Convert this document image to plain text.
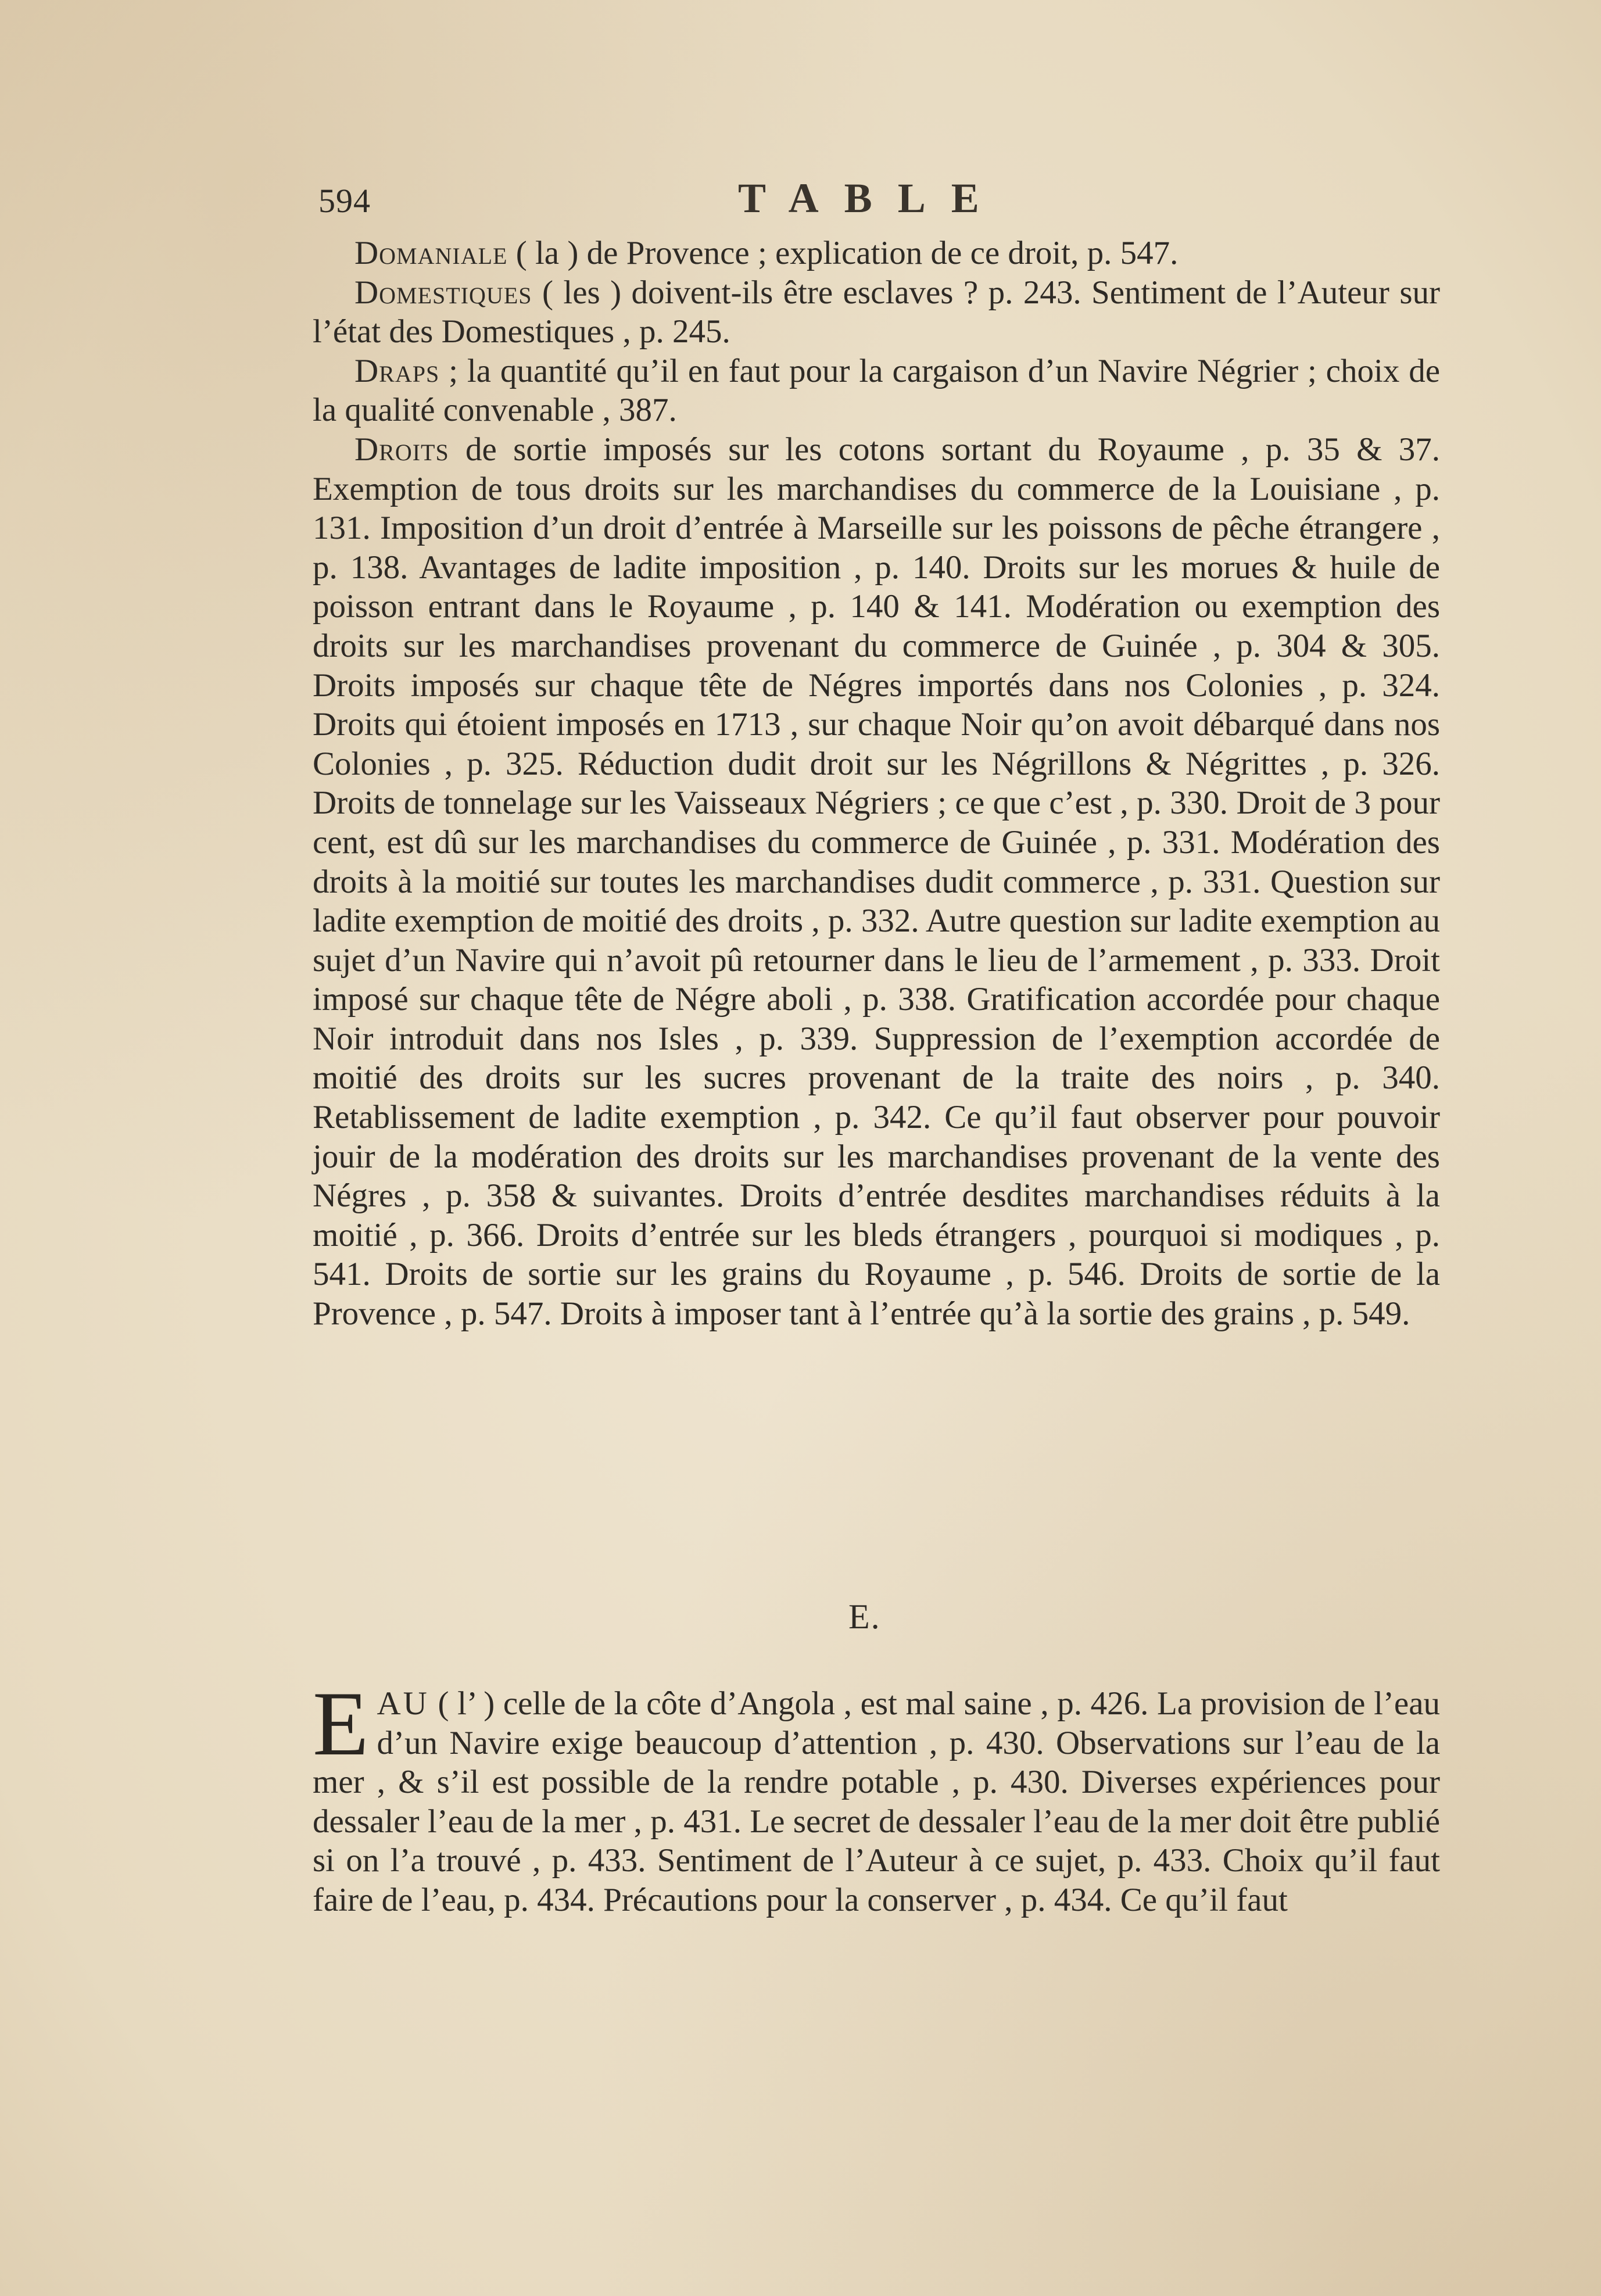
594	TABLE

Domaniale ( la ) de Provence ; explication de ce droit, p. 547.

Domestiques ( les ) doivent-ils être esclaves ? p. 243. Sentiment de l’Auteur sur l’état des Domestiques , p. 245.

Draps ; la quantité qu’il en faut pour la cargaison d’un Navire Négrier ; choix de la qualité convenable , 387.

Droits de sortie imposés sur les cotons sortant du Royaume , p. 35 & 37. Exemption de tous droits sur les marchandises du commerce de la Louisiane , p. 131. Imposition d’un droit d’entrée à Marseille sur les poissons de pêche étrangere , p. 138. Avantages de ladite imposition , p. 140. Droits sur les morues & huile de poisson entrant dans le Royaume , p. 140 & 141. Modération ou exemption des droits sur les marchandises provenant du commerce de Guinée , p. 304 & 305. Droits imposés sur chaque tête de Négres importés dans nos Colonies , p. 324. Droits qui étoient imposés en 1713 , sur chaque Noir qu’on avoit débarqué dans nos Colonies , p. 325. Réduction dudit droit sur les Négrillons & Négrittes , p. 326. Droits de tonnelage sur les Vaisseaux Négriers ; ce que c’est , p. 330. Droit de 3 pour cent, est dû sur les marchandises du commerce de Guinée , p. 331. Modération des droits à la moitié sur toutes les marchandises dudit commerce , p. 331. Question sur ladite exemption de moitié des droits , p. 332. Autre question sur ladite exemption au sujet d’un Navire qui n’avoit pû retourner dans le lieu de l’armement , p. 333. Droit imposé sur chaque tête de Négre aboli , p. 338. Gratification accordée pour chaque Noir introduit dans nos Isles , p. 339. Suppression de l’exemption accordée de moitié des droits sur les sucres provenant de la traite des noirs , p. 340. Retablissement de ladite exemption , p. 342. Ce qu’il faut observer pour pouvoir jouir de la modération des droits sur les marchandises provenant de la vente des Négres , p. 358 & suivantes. Droits d’entrée desdites marchandises réduits à la moitié , p. 366. Droits d’entrée sur les bleds étrangers , pourquoi si modiques , p. 541. Droits de sortie sur les grains du Royaume , p. 546. Droits de sortie de la Provence , p. 547. Droits à imposer tant à l’entrée qu’à la sortie des grains , p. 549.

E.

EAU ( l’ ) celle de la côte d’Angola , est mal saine , p. 426. La provision de l’eau d’un Navire exige beaucoup d’attention , p. 430. Observations sur l’eau de la mer , & s’il est possible de la rendre potable , p. 430. Diverses expériences pour dessaler l’eau de la mer , p. 431. Le secret de dessaler l’eau de la mer doit être publié si on l’a trouvé , p. 433. Sentiment de l’Auteur à ce sujet, p. 433. Choix qu’il faut faire de l’eau, p. 434. Précautions pour la conserver , p. 434. Ce qu’il faut
